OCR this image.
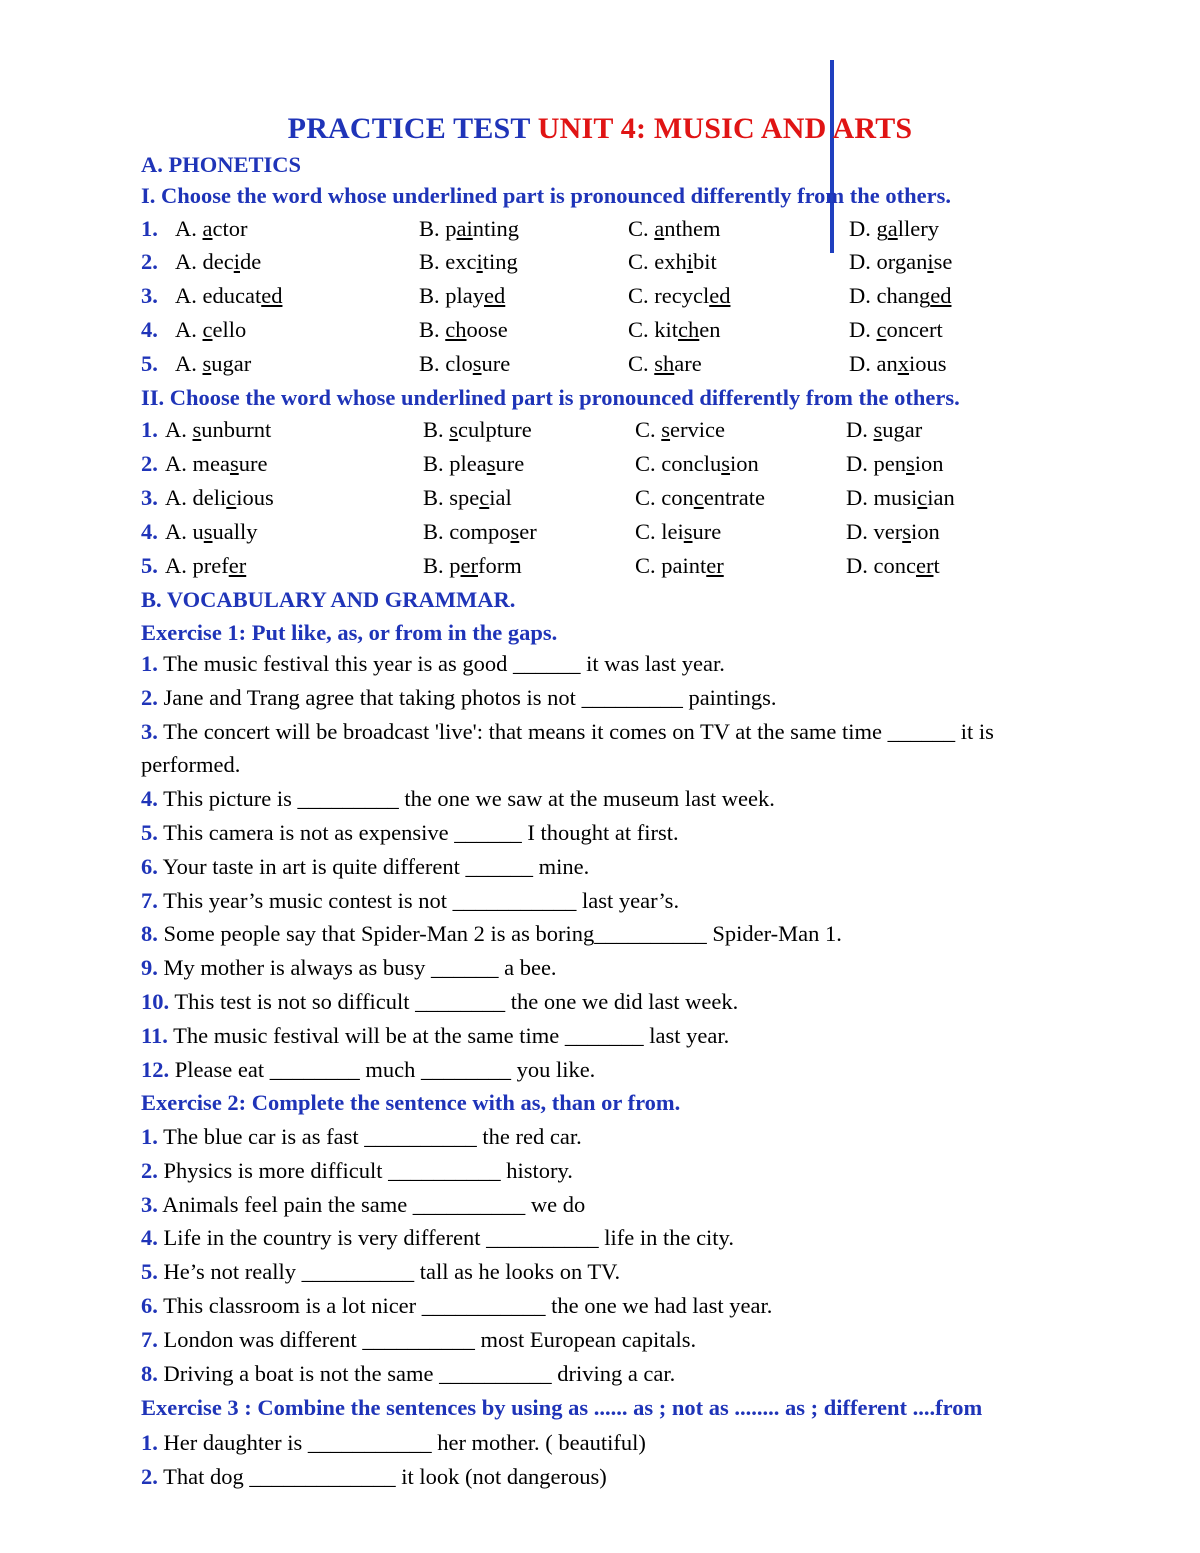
PRACTICE TEST UNIT 4: MUSIC AND ARTS
A. PHONETICS
I. Choose the word whose underlined part is pronounced differently from the others.
1. A. actor	B. painting	C. anthem	D. gallery
2. A. decide	B. exciting	C. exhibit	D. organise
3. A. educated	B. played	C. recycled	D. changed
4. A. cello	B. choose	C. kitchen	D. concert
5. A. sugar	B. closure	C. share	D. anxious
II. Choose the word whose underlined part is pronounced differently from the others.
1. A. sunburnt	B. sculpture	C. service	D. sugar
2. A. measure	B. pleasure	C. conclusion	D. pension
3. A. delicious	B. special	C. concentrate	D. musician
4. A. usually	B. composer	C. leisure	D. version
5. A. prefer	B. perform	C. painter	D. concert
B. VOCABULARY AND GRAMMAR.
Exercise 1: Put like, as, or from in the gaps.
1. The music festival this year is as good ______ it was last year.
2. Jane and Trang agree that taking photos is not _________ paintings.
3. The concert will be broadcast 'live': that means it comes on TV at the same time ______ it is
performed.
4. This picture is _________ the one we saw at the museum last week.
5. This camera is not as expensive ______ I thought at first.
6. Your taste in art is quite different ______ mine.
7. This year’s music contest is not ___________ last year’s.
8. Some people say that Spider-Man 2 is as boring__________ Spider-Man 1.
9. My mother is always as busy ______ a bee.
10. This test is not so difficult ________ the one we did last week.
11. The music festival will be at the same time _______ last year.
12. Please eat ________ much ________ you like.
Exercise 2: Complete the sentence with as, than or from.
1. The blue car is as fast __________ the red car.
2. Physics is more difficult __________ history.
3. Animals feel pain the same __________ we do
4. Life in the country is very different __________ life in the city.
5. He’s not really __________ tall as he looks on TV.
6. This classroom is a lot nicer ___________ the one we had last year.
7. London was different __________ most European capitals.
8. Driving a boat is not the same __________ driving a car.
Exercise 3 : Combine the sentences by using as ...... as ; not as ........ as ; different ....from
1. Her daughter is ___________ her mother. ( beautiful)
2. That dog _____________ it look (not dangerous)
